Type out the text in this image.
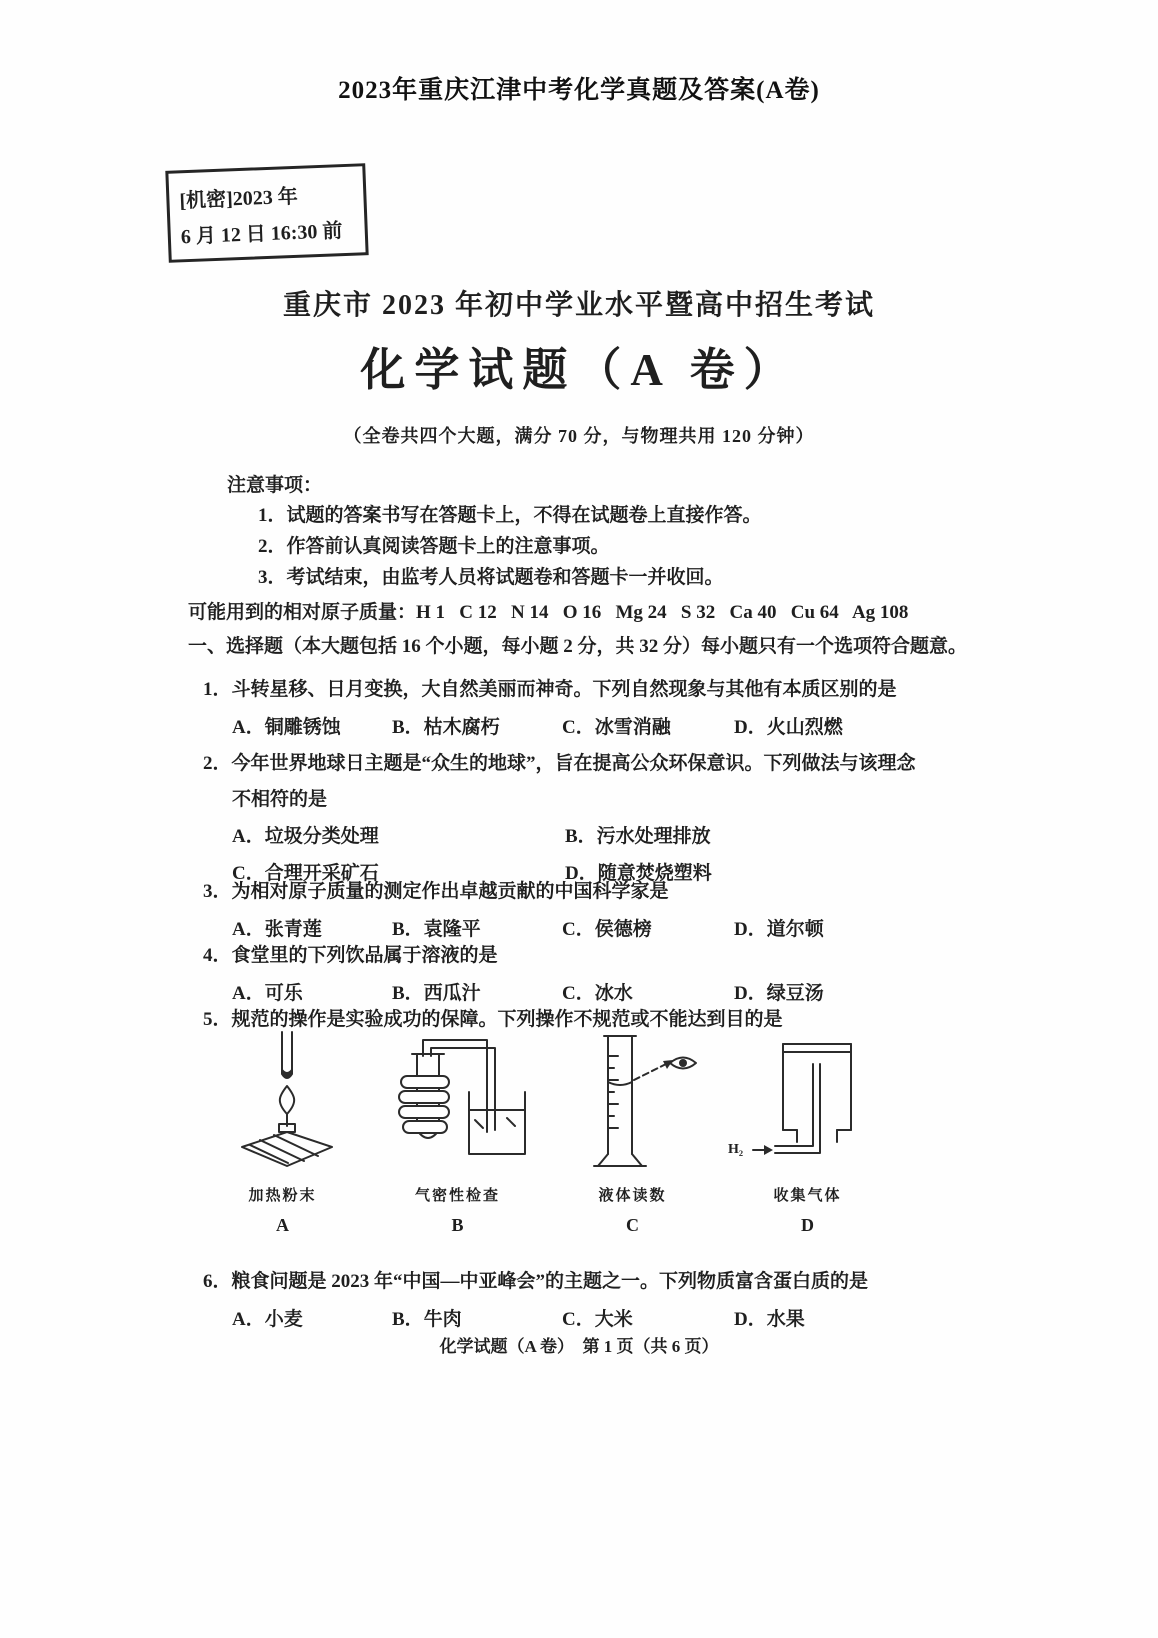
2023年重庆江津中考化学真题及答案(A卷)
[机密]2023 年
6 月 12 日 16:30 前
重庆市 2023 年初中学业水平暨高中招生考试
化学试题（A 卷）
（全卷共四个大题，满分 70 分，与物理共用 120 分钟）
注意事项：
1．试题的答案书写在答题卡上，不得在试题卷上直接作答。
2．作答前认真阅读答题卡上的注意事项。
3．考试结束，由监考人员将试题卷和答题卡一并收回。
可能用到的相对原子质量：H 1   C 12   N 14   O 16   Mg 24   S 32   Ca 40   Cu 64   Ag 108
一、选择题（本大题包括 16 个小题，每小题 2 分，共 32 分）每小题只有一个选项符合题意。
1．斗转星移、日月变换，大自然美丽而神奇。下列自然现象与其他有本质区别的是
A．铜雕锈蚀	B．枯木腐朽	C．冰雪消融	D．火山烈燃
2．今年世界地球日主题是“众生的地球”，旨在提高公众环保意识。下列做法与该理念
不相符的是
A．垃圾分类处理	B．污水处理排放
C．合理开采矿石	D．随意焚烧塑料
3．为相对原子质量的测定作出卓越贡献的中国科学家是
A．张青莲	B．袁隆平	C．侯德榜	D．道尔顿
4．食堂里的下列饮品属于溶液的是
A．可乐	B．西瓜汁	C．冰水	D．绿豆汤
5．规范的操作是实验成功的保障。下列操作不规范或不能达到目的是
加热粉末
A
气密性检查
B
液体读数
C
H₂
收集气体
D
6．粮食问题是 2023 年“中国—中亚峰会”的主题之一。下列物质富含蛋白质的是
A．小麦	B．牛肉	C．大米	D．水果
化学试题（A 卷）　第 1 页（共 6 页）
